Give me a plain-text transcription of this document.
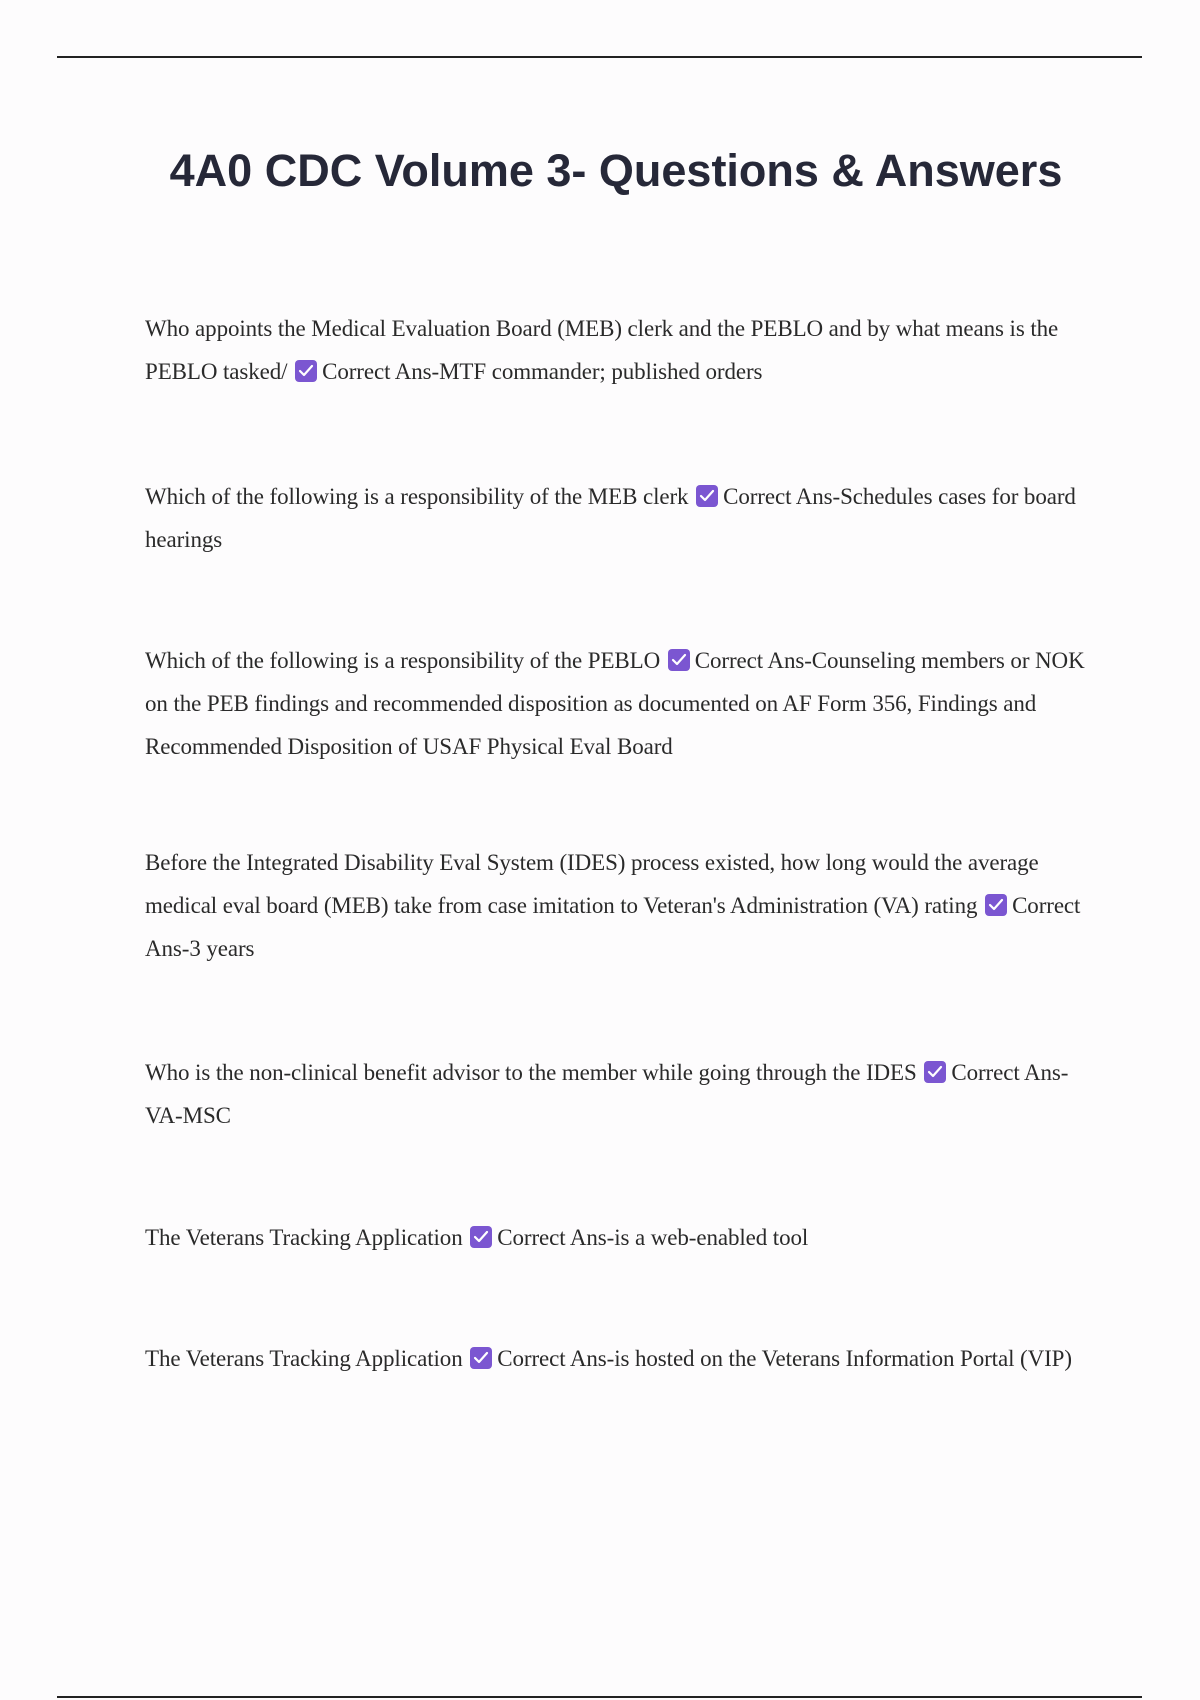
4A0 CDC Volume 3- Questions & Answers

Who appoints the Medical Evaluation Board (MEB) clerk and the PEBLO and by what means is the PEBLO tasked/ Correct Ans-MTF commander; published orders

Which of the following is a responsibility of the MEB clerk Correct Ans-Schedules cases for board hearings

Which of the following is a responsibility of the PEBLO Correct Ans-Counseling members or NOK on the PEB findings and recommended disposition as documented on AF Form 356, Findings and Recommended Disposition of USAF Physical Eval Board

Before the Integrated Disability Eval System (IDES) process existed, how long would the average medical eval board (MEB) take from case imitation to Veteran's Administration (VA) rating Correct Ans-3 years

Who is the non-clinical benefit advisor to the member while going through the IDES Correct Ans-VA-MSC

The Veterans Tracking Application Correct Ans-is a web-enabled tool

The Veterans Tracking Application Correct Ans-is hosted on the Veterans Information Portal (VIP)
